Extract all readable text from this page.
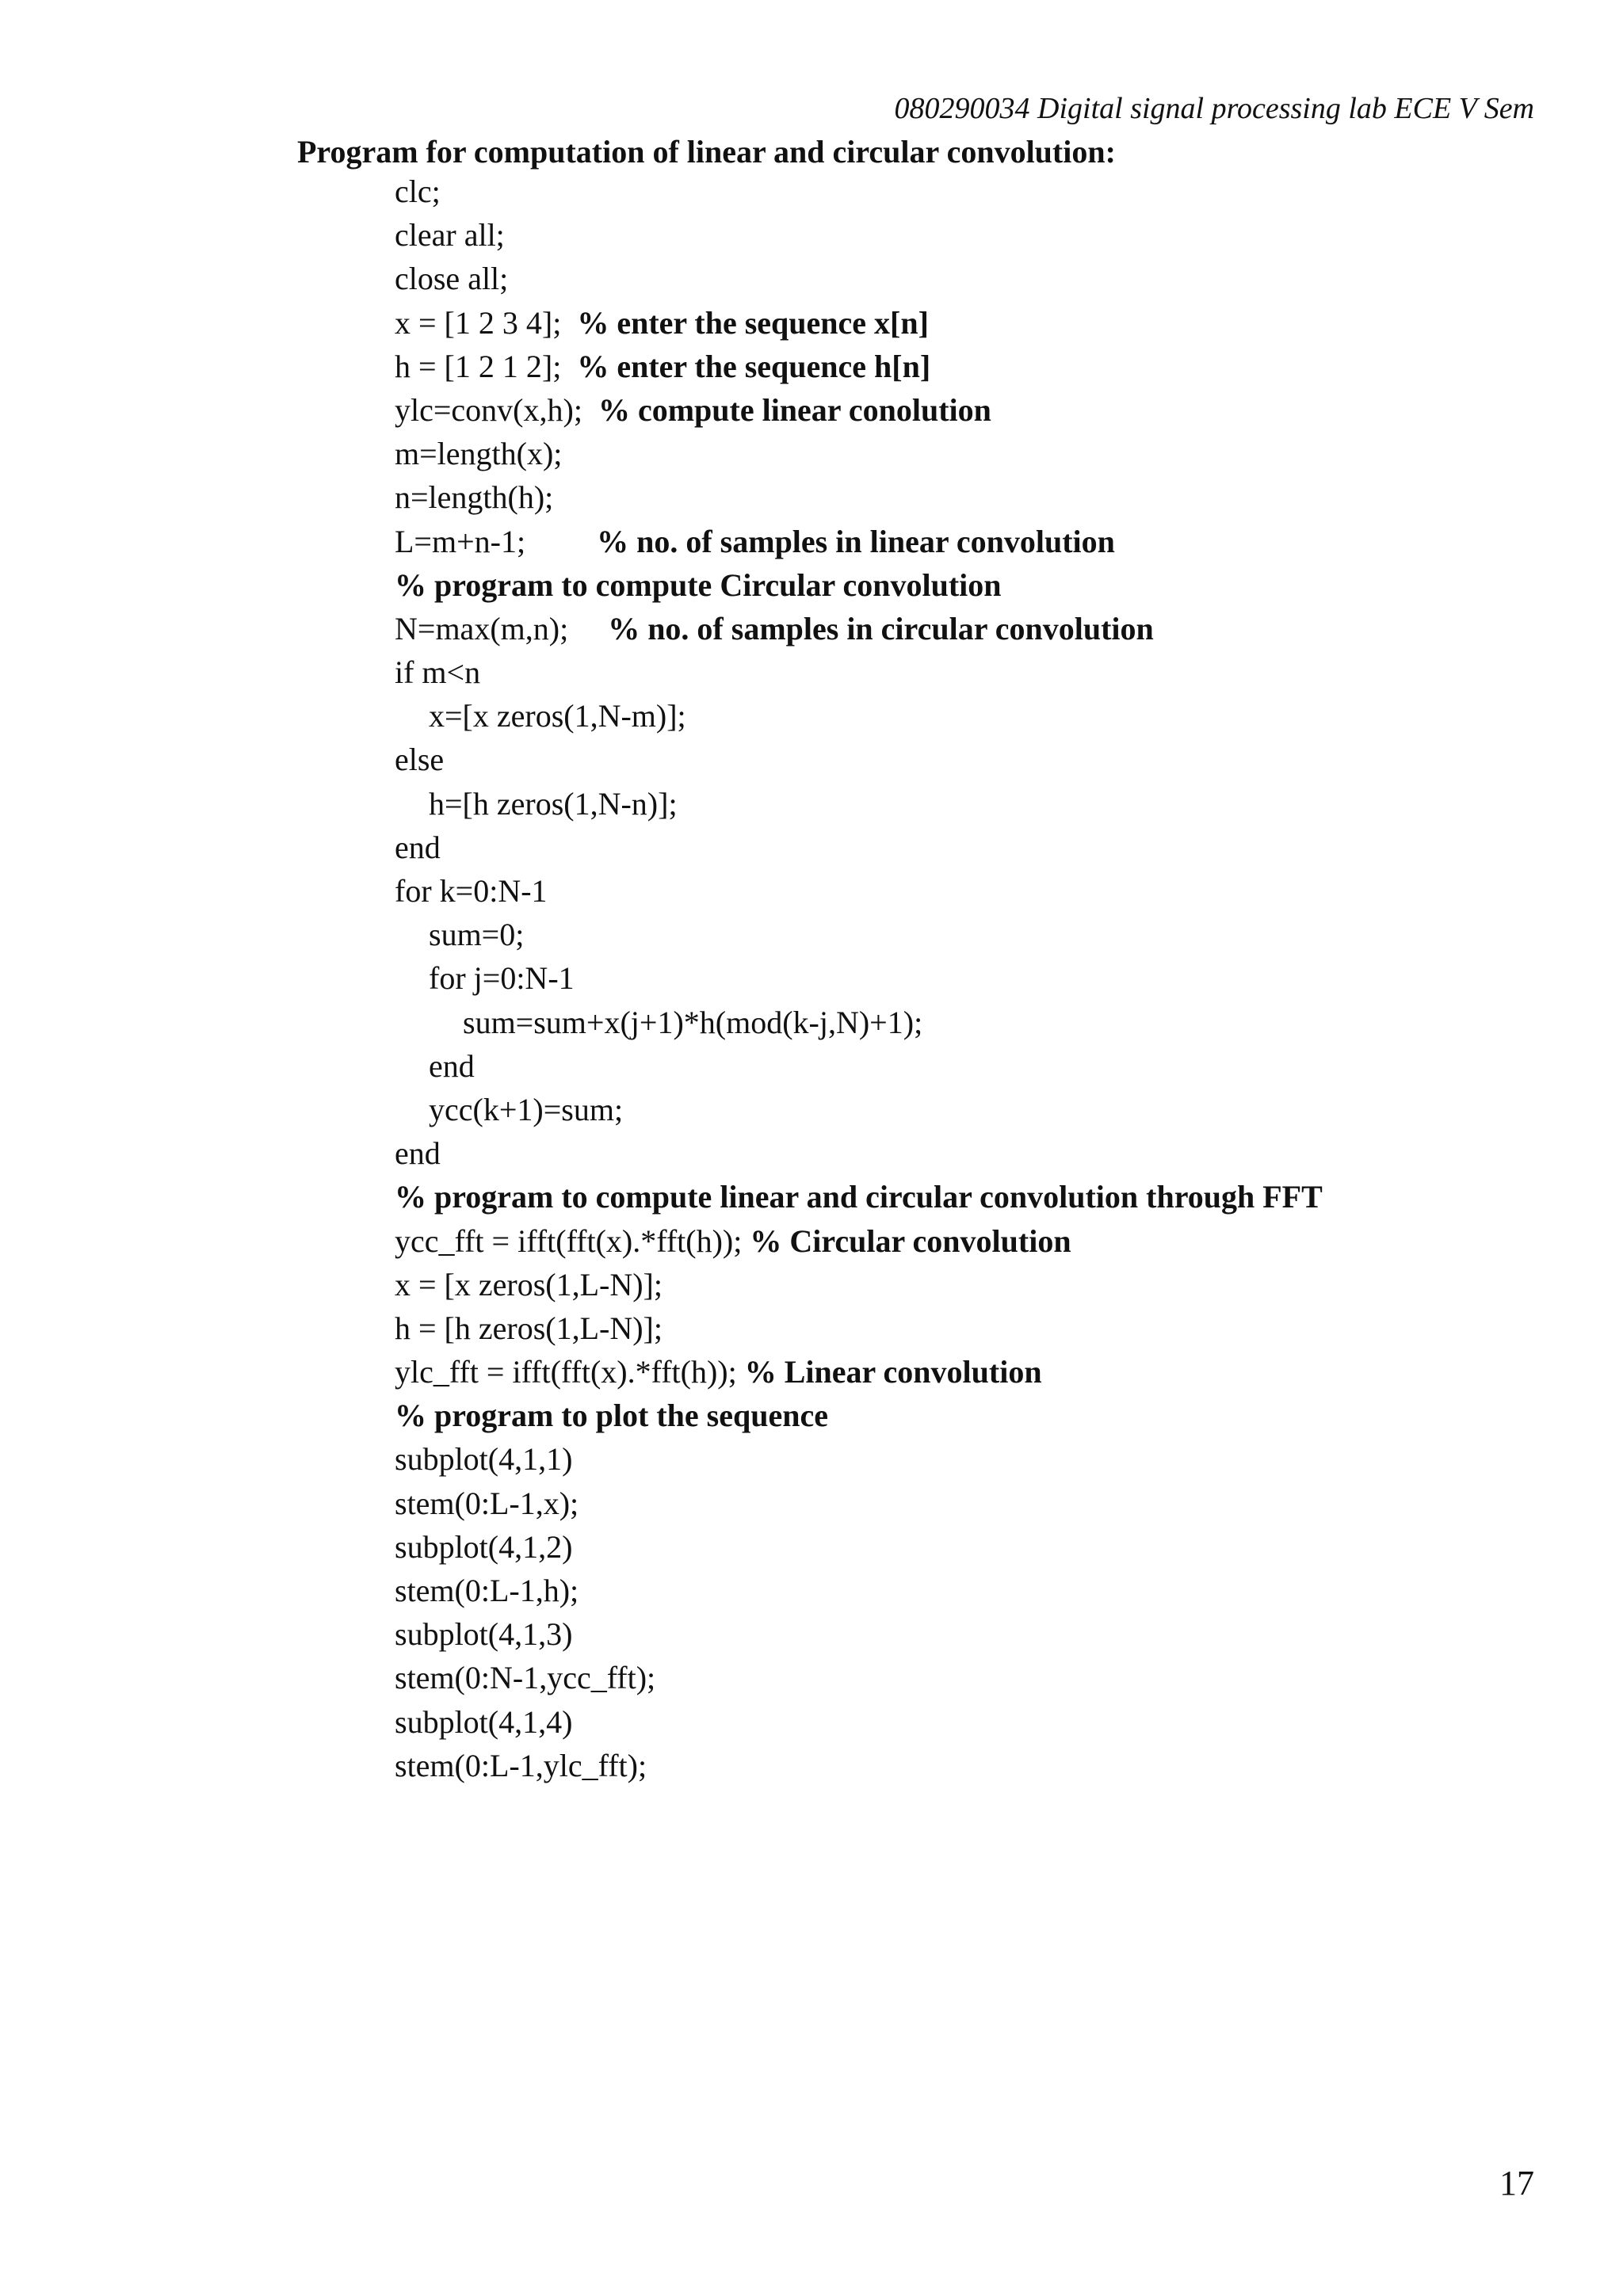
080290034 Digital signal processing lab ECE V Sem
Program for computation of linear and circular convolution:
clc;
clear all;
close all;
x = [1 2 3 4];  % enter the sequence x[n]
h = [1 2 1 2];  % enter the sequence h[n]
ylc=conv(x,h);  % compute linear conolution
m=length(x);
n=length(h);
L=m+n-1;         % no. of samples in linear convolution
% program to compute Circular convolution
N=max(m,n);     % no. of samples in circular convolution
if m<n
x=[x zeros(1,N-m)];
else
h=[h zeros(1,N-n)];
end
for k=0:N-1
sum=0;
for j=0:N-1
sum=sum+x(j+1)*h(mod(k-j,N)+1);
end
ycc(k+1)=sum;
end
% program to compute linear and circular convolution through FFT
ycc_fft = ifft(fft(x).*fft(h)); % Circular convolution
x = [x zeros(1,L-N)];
h = [h zeros(1,L-N)];
ylc_fft = ifft(fft(x).*fft(h)); % Linear convolution
% program to plot the sequence
subplot(4,1,1)
stem(0:L-1,x);
subplot(4,1,2)
stem(0:L-1,h);
subplot(4,1,3)
stem(0:N-1,ycc_fft);
subplot(4,1,4)
stem(0:L-1,ylc_fft);
17
